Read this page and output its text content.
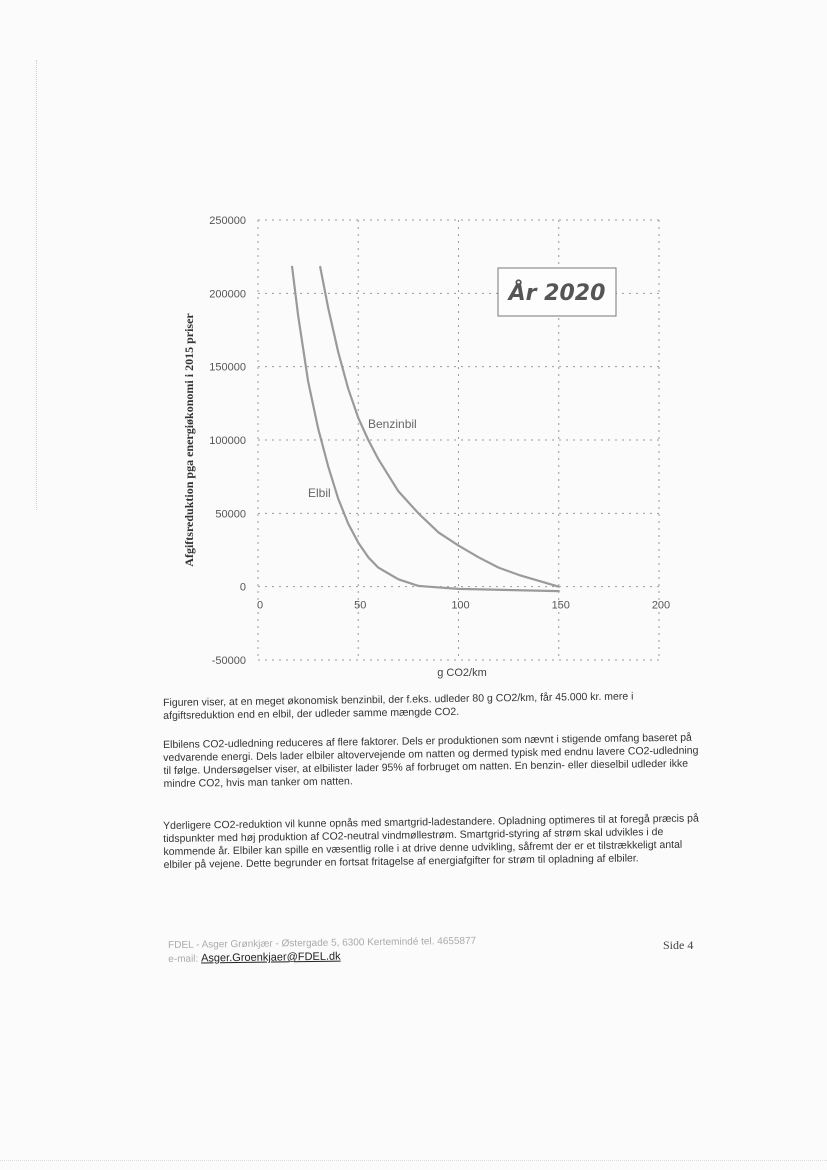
-50000
0
50000
100000
150000
200000
250000
0	50	100	150	200
Afgiftsreduktion pga energiøkonomi i 2015 priser
g CO2/km
År 2020
Benzinbil
Elbil

Figuren viser, at en meget økonomisk benzinbil, der f.eks. udleder 80 g CO2/km, får 45.000 kr. mere i afgiftsreduktion end en elbil, der udleder samme mængde CO2.

Elbilens CO2-udledning reduceres af flere faktorer. Dels er produktionen som nævnt i stigende omfang baseret på vedvarende energi. Dels lader elbiler altovervejende om natten og dermed typisk med endnu lavere CO2-udledning til følge. Undersøgelser viser, at elbilister lader 95% af forbruget om natten. En benzin- eller dieselbil udleder ikke mindre CO2, hvis man tanker om natten.

Yderligere CO2-reduktion vil kunne opnås med smartgrid-ladestandere. Opladning optimeres til at foregå præcis på tidspunkter med høj produktion af CO2-neutral vindmøllestrøm. Smartgrid-styring af strøm skal udvikles i de kommende år. Elbiler kan spille en væsentlig rolle i at drive denne udvikling, såfremt der er et tilstrækkeligt antal elbiler på vejene. Dette begrunder en fortsat fritagelse af energiafgifter for strøm til opladning af elbiler.

FDEL - Asger Grønkjær - Østergade 5, 6300 Kertemindé tel. 4655877
e-mail: Asger.Groenkjaer@FDEL.dk
Side 4
